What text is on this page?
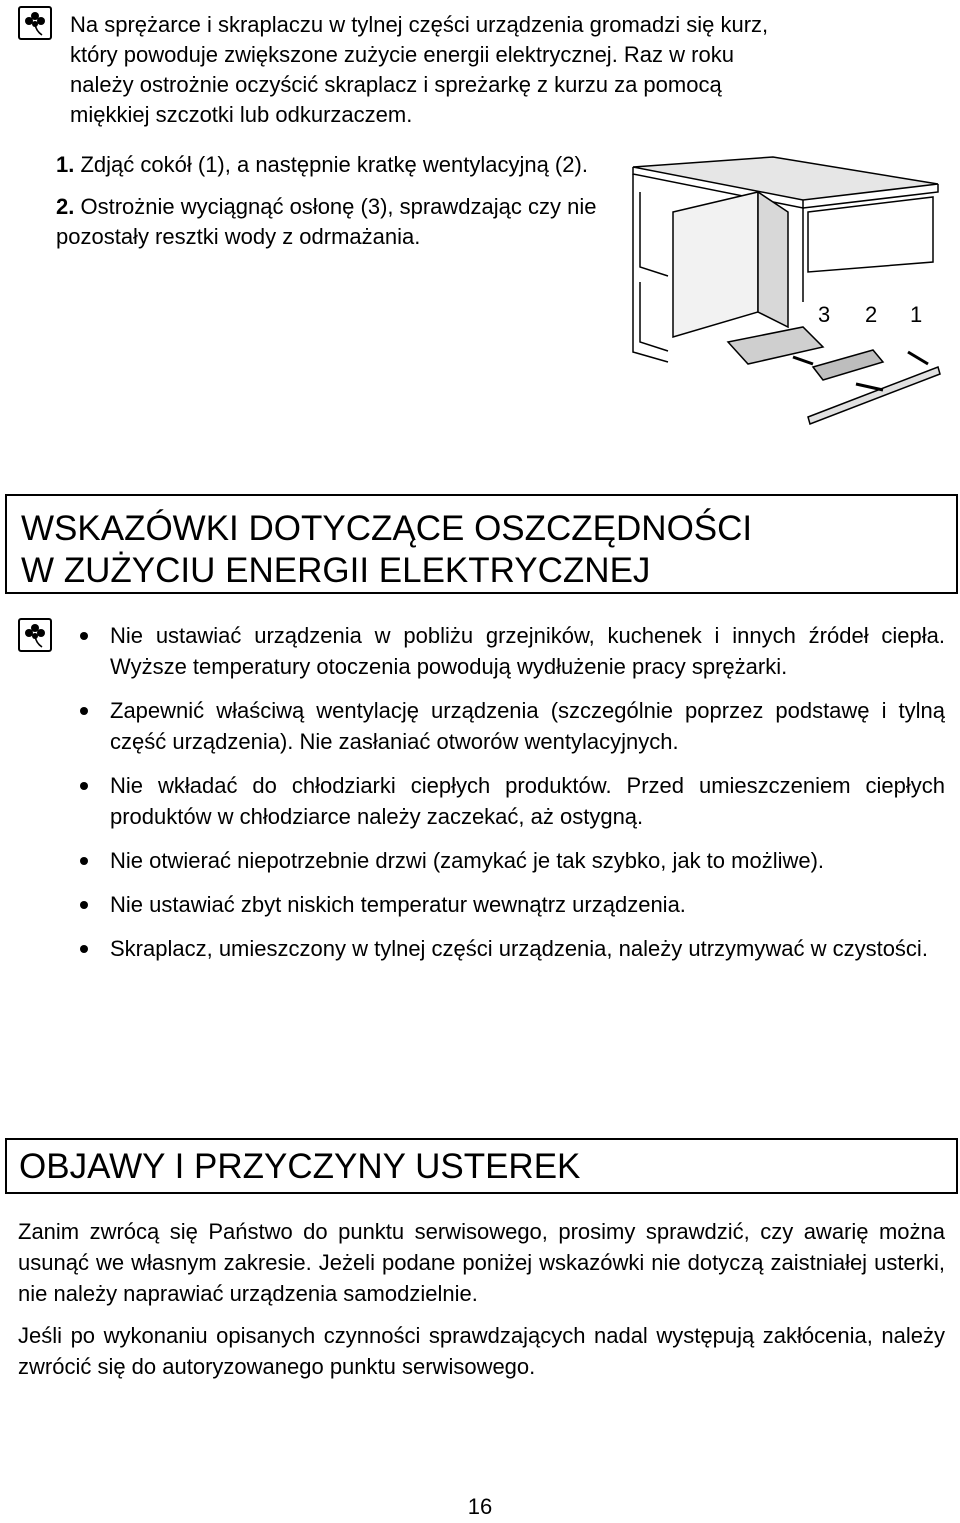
Na sprężarce i skraplaczu w tylnej części urządzenia gromadzi się kurz,
który powoduje zwiększone zużycie energii elektrycznej. Raz w roku
należy ostrożnie oczyścić skraplacz i spreżarkę z kurzu za pomocą
miękkiej szczotki lub odkurzaczem.
1. Zdjąć cokół (1), a następnie kratkę wentylacyjną (2).
2. Ostrożnie wyciągnąć osłonę (3), sprawdzając czy nie pozostały resztki wody z odrmażania.
3 2 1
WSKAZÓWKI DOTYCZĄCE OSZCZĘDNOŚCI
W ZUŻYCIU ENERGII ELEKTRYCZNEJ
Nie ustawiać urządzenia w pobliżu grzejników, kuchenek i innych źródeł ciepła. Wyższe temperatury otoczenia powodują wydłużenie pracy sprężarki.
Zapewnić właściwą wentylację urządzenia (szczególnie poprzez podstawę i tylną część urządzenia). Nie zasłaniać otworów wentylacyjnych.
Nie wkładać do chłodziarki ciepłych produktów. Przed umieszczeniem ciepłych produktów w chłodziarce należy zaczekać, aż ostygną.
Nie otwierać niepotrzebnie drzwi (zamykać je tak szybko, jak to możliwe).
Nie ustawiać zbyt niskich temperatur wewnątrz urządzenia.
Skraplacz, umieszczony w tylnej części urządzenia, należy utrzymywać w czystości.
OBJAWY I PRZYCZYNY USTEREK
Zanim zwrócą się Państwo do punktu serwisowego, prosimy sprawdzić, czy awarię można usunąć we własnym zakresie. Jeżeli podane poniżej wskazówki nie dotyczą zaistniałej usterki, nie należy naprawiać urządzenia samodzielnie.
Jeśli po wykonaniu opisanych czynności sprawdzających nadal występują zakłócenia, należy zwrócić się do autoryzowanego punktu serwisowego.
16
